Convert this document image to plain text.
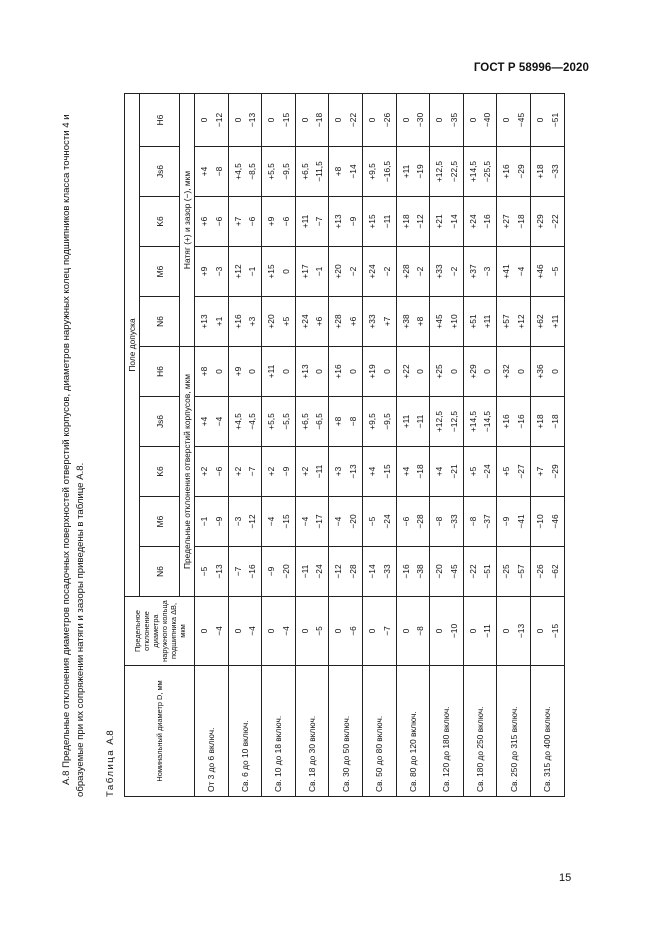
ГОСТ Р 58996—2020
А.8 Предельные отклонения диаметров посадочных поверхностей отверстий корпусов, диаметров наружных колец подшипников класса точности 4 и образуемые при их сопряжении натяги и зазоры приведены в таблице А.8. Таблица А.8	Номинальный диаметр D, мм	Предельное отклонение диаметра наружного кольца подшипника ΔВ, мкм	Поле допуска									
		N6	M6	K6	Js6	H6	N6	M6	K6	Js6	H6
		Предельные отклонения отверстий корпусов, мкм					Натяг (+) и зазор (−), мкм				
От 3 до 6 включ.	0 −4	−5 −13	−1 −9	+2 −6	+4 −4	+8 0	+13 +1	+9 −3	+6 −6	+4 −8	0 −12

Св. 6 до 10 включ.	0 −4	−7 −16	−3 −12	+2 −7	+4,5 −4,5	+9 0	+16 +3	+12 −1	+7 −6	+4,5 −8,5	0 −13

Св. 10 до 18 включ.	0 −4	−9 −20	−4 −15	+2 −9	+5,5 −5,5	+11 0	+20 +5	+15 0	+9 −6	+5,5 −9,5	0 −15

Св. 18 до 30 включ.	0 −5	−11 −24	−4 −17	+2 −11	+6,5 −6,5	+13 0	+24 +6	+17 −1	+11 −7	+6,5 −11,5	0 −18

Св. 30 до 50 включ.	0 −6	−12 −28	−4 −20	+3 −13	+8 −8	+16 0	+28 +6	+20 −2	+13 −9	+8 −14	0 −22

Св. 50 до 80 включ.	0 −7	−14 −33	−5 −24	+4 −15	+9,5 −9,5	+19 0	+33 +7	+24 −2	+15 −11	+9,5 −16,5	0 −26

Св. 80 до 120 включ.	0 −8	−16 −38	−6 −28	+4 −18	+11 −11	+22 0	+38 +8	+28 −2	+18 −12	+11 −19	0 −30

Св. 120 до 180 включ.	0 −10	−20 −45	−8 −33	+4 −21	+12,5 −12,5	+25 0	+45 +10	+33 −2	+21 −14	+12,5 −22,5	0 −35

Св. 180 до 250 включ.	0 −11	−22 −51	−8 −37	+5 −24	+14,5 −14,5	+29 0	+51 +11	+37 −3	+24 −16	+14,5 −25,5	0 −40

Св. 250 до 315 включ.	0 −13	−25 −57	−9 −41	+5 −27	+16 −16	+32 0	+57 +12	+41 −4	+27 −18	+16 −29	0 −45

Св. 315 до 400 включ.	0 −15	−26 −62	−10 −46	+7 −29	+18 −18	+36 0	+62 +11	+46 −5	+29 −22	+18 −33	0 −51
15
